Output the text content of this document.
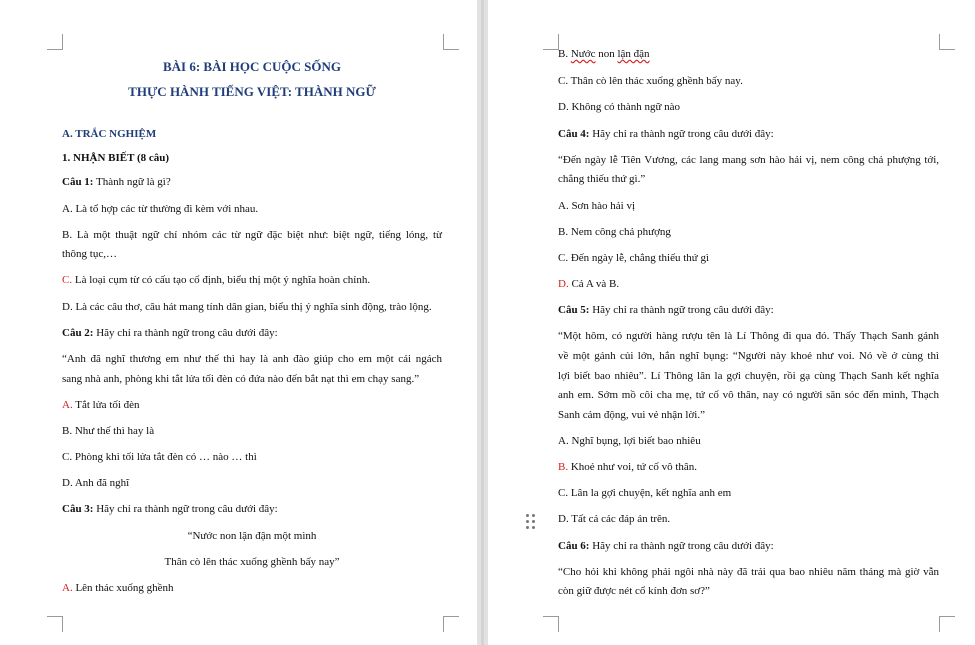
BÀI 6: BÀI HỌC CUỘC SỐNG
THỰC HÀNH TIẾNG VIỆT: THÀNH NGỮ
A. TRẮC NGHIỆM
1. NHẬN BIẾT (8 câu)
Câu 1: Thành ngữ là gì?
A. Là tổ hợp các từ thường đi kèm với nhau.
B. Là một thuật ngữ chỉ nhóm các từ ngữ đặc biệt như: biệt ngữ, tiếng lóng, từ
thông tục,…
C. Là loại cụm từ có cấu tạo cố định, biểu thị một ý nghĩa hoàn chỉnh.
D. Là các câu thơ, câu hát mang tính dân gian, biểu thị ý nghĩa sinh động, trào lộng.
Câu 2: Hãy chỉ ra thành ngữ trong câu dưới đây:
“Anh đã nghĩ thương em như thế thì hay là anh đào giúp cho em một cái ngách
sang nhà anh, phòng khi tắt lửa tối đèn có đứa nào đến bắt nạt thì em chạy sang.”
A. Tắt lửa tối đèn
B. Như thế thì hay là
C. Phòng khi tối lửa tắt đèn có … nào … thì
D. Anh đã nghĩ
Câu 3: Hãy chỉ ra thành ngữ trong câu dưới đây:
“Nước non lận đận một mình
Thân cò lên thác xuống ghềnh bấy nay”
A. Lên thác xuống ghềnh
B. Nước non lận đận
C. Thân cò lên thác xuống ghềnh bấy nay.
D. Không có thành ngữ nào
Câu 4: Hãy chỉ ra thành ngữ trong câu dưới đây:
“Đến ngày lễ Tiên Vương, các lang mang sơn hào hải vị, nem công chả phượng tới,
chẳng thiếu thứ gì.”
A. Sơn hào hải vị
B. Nem công chả phượng
C. Đến ngày lễ, chẳng thiếu thứ gì
D. Cả A và B.
Câu 5: Hãy chỉ ra thành ngữ trong câu dưới đây:
“Một hôm, có người hàng rượu tên là Lí Thông đi qua đó. Thấy Thạch Sanh gánh
về một gánh củi lớn, hắn nghĩ bụng: “Người này khoẻ như voi. Nó về ở cùng thì
lợi biết bao nhiêu”. Lí Thông lân la gợi chuyện, rồi gạ cùng Thạch Sanh kết nghĩa
anh em. Sớm mồ côi cha mẹ, tứ cố vô thân, nay có người săn sóc đến mình, Thạch
Sanh cảm động, vui vẻ nhận lời.”
A. Nghĩ bụng, lợi biết bao nhiêu
B. Khoẻ như voi, tứ cố vô thân.
C. Lân la gợi chuyện, kết nghĩa anh em
D. Tất cả các đáp án trên.
Câu 6: Hãy chỉ ra thành ngữ trong câu dưới đây:
“Cho hỏi khi không phải ngôi nhà này đã trải qua bao nhiêu năm tháng mà giờ vẫn
còn giữ được nét cổ kính đơn sơ?”
